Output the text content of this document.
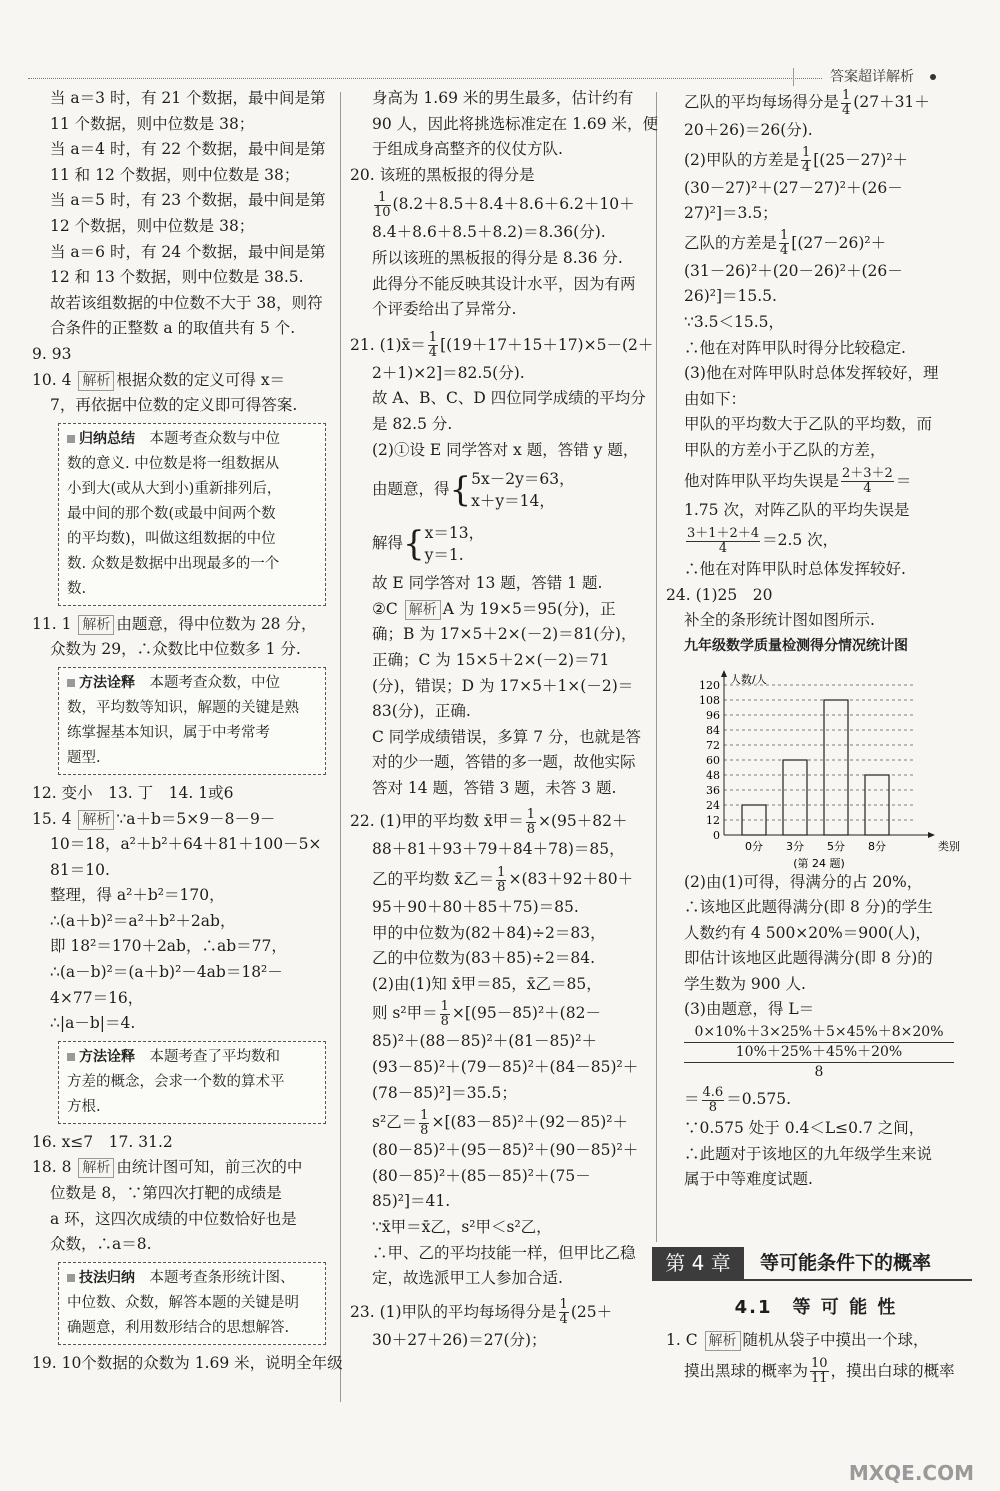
答案超详解析
当 a＝3 时，有 21 个数据，最中间是第
11 个数据，则中位数是 38；
当 a＝4 时，有 22 个数据，最中间是第
11 和 12 个数据，则中位数是 38；
当 a＝5 时，有 23 个数据，最中间是第
12 个数据，则中位数是 38；
当 a＝6 时，有 24 个数据，最中间是第
12 和 13 个数据，则中位数是 38.5.
故若该组数据的中位数不大于 38，则符
合条件的正整数 a 的取值共有 5 个.
9. 93
10. 4 解析 根据众数的定义可得 x＝
7，再依据中位数的定义即可得答案.
归纳总结　 本题考查众数与中位
数的意义. 中位数是将一组数据从
小到大(或从大到小)重新排列后，
最中间的那个数(或最中间两个数
的平均数)，叫做这组数据的中位
数. 众数是数据中出现最多的一个
数.
11. 1 解析 由题意，得中位数为 28 分，
众数为 29，∴众数比中位数多 1 分.
方法诠释　 本题考查众数，中位
数，平均数等知识，解题的关键是熟
练掌握基本知识，属于中考常考
题型.
12. 变小　13. 丁　14. 1或6
15. 4 解析 ∵a＋b＝5×9－8－9－
10＝18，a²＋b²＋64＋81＋100－5×
81＝10.
整理，得 a²＋b²＝170，
∴(a＋b)²＝a²＋b²＋2ab，
即 18²＝170＋2ab，∴ab＝77，
∴(a－b)²＝(a＋b)²－4ab＝18²－
4×77＝16，
∴|a－b|＝4.
方法诠释　 本题考查了平均数和
方差的概念，会求一个数的算术平
方根.
16. x≤7　17. 31.2
18. 8 解析 由统计图可知，前三次的中
位数是 8，∵第四次打靶的成绩是
a 环，这四次成绩的中位数恰好也是
众数，∴a＝8.
技法归纳　 本题考查条形统计图、
中位数、众数，解答本题的关键是明
确题意，利用数形结合的思想解答.
19. 10个数据的众数为 1.69 米，说明全年级
身高为 1.69 米的男生最多，估计约有
90 人，因此将挑选标准定在 1.69 米，便
于组成身高整齐的仪仗方队.
20. 该班的黑板报的得分是
$\frac{1}{10} (8.2+8.5+8.4+8.6+6.2+10+$
8.4＋8.6＋8.5＋8.2)＝8.36(分).
所以该班的黑板报的得分是 8.36 分.
此得分不能反映其设计水平，因为有两
个评委给出了异常分.
21. (1)x̄＝ $\frac{1}{4} [(19+17+15+17)\times 5-(2+$
2＋1)×2]＝82.5(分).
故 A、B、C、D 四位同学成绩的平均分
是 82.5 分.
(2)①设 E 同学答对 x 题，答错 y 题，
由题意，得 { 5x－2y＝63，
x＋y＝14，
解得 { x＝13，
y＝1.
故 E 同学答对 13 题，答错 1 题.
②C 解析 A 为 19×5＝95(分)，正
确；B 为 17×5＋2×(－2)＝81(分)，
正确；C 为 15×5＋2×(－2)＝71
(分)，错误；D 为 17×5＋1×(－2)＝
83(分)，正确.
C 同学成绩错误，多算 7 分，也就是答
对的少一题，答错的多一题，故他实际
答对 14 题，答错 3 题，未答 3 题.
22. (1)甲的平均数 x̄甲＝ $\frac{1}{8} \times(95+82+$
88＋81＋93＋79＋84＋78)＝85，
乙的平均数 x̄乙＝ $\frac{1}{8} \times(83+92+80+$
95＋90＋80＋85＋75)＝85.
甲的中位数为(82＋84)÷2＝83，
乙的中位数为(83＋85)÷2＝84.
(2)由(1)知 x̄甲＝85，x̄乙＝85，
则 s²甲＝ $\frac{1}{8} \times[(95-85)^2+(82-$
85)²＋(88－85)²＋(81－85)²＋
(93－85)²＋(79－85)²＋(84－85)²＋
(78－85)²]＝35.5；
s²乙＝ $\frac{1}{8} \times[(83-85)^2+(92-85)^2+$
(80－85)²＋(95－85)²＋(90－85)²＋
(80－85)²＋(85－85)²＋(75－
85)²]＝41.
∵x̄甲＝x̄乙，s²甲＜s²乙，
∴甲、乙的平均技能一样，但甲比乙稳
定，故选派甲工人参加合适.
23. (1)甲队的平均每场得分是 $\frac{1}{4} (25+$
30＋27＋26)＝27(分)；
乙队的平均每场得分是 $\frac{1}{4} (27+31+$
20＋26)＝26(分).
(2)甲队的方差是 $\frac{1}{4} [(25-27)^2+$
(30－27)²＋(27－27)²＋(26－
27)²]＝3.5；
乙队的方差是 $\frac{1}{4} [(27-26)^2+$
(31－26)²＋(20－26)²＋(26－
26)²]＝15.5.
∵3.5＜15.5，
∴他在对阵甲队时得分比较稳定.
(3)他在对阵甲队时总体发挥较好，理
由如下：
甲队的平均数大于乙队的平均数，而
甲队的方差小于乙队的方差，
他对阵甲队平均失误是 $\frac{2+3+2}{4}$ ＝
1.75 次，对阵乙队的平均失误是
$\frac{3+1+2+4}{4} =2.5$ 次，
∴他在对阵甲队时总体发挥较好.
24. (1)25　20
补全的条形统计图如图所示.
九年级数学质量检测得分情况统计图
0
12
24
36
48
60
72
84
96
108
120 人数/人
类别
0分 3分 5分 8分
(第 24 题)
(2)由(1)可得，得满分的占 20%，
∴该地区此题得满分(即 8 分)的学生
人数约有 4 500×20%＝900(人)，
即估计该地区此题得满分(即 8 分)的
学生数为 900 人.
(3)由题意，得 L＝
0×10%＋3×25%＋5×45%＋8×20%
10%＋25%＋45%＋20%
8
＝ $\frac{4.6}{8} =0.575$.
∵0.575 处于 0.4＜L≤0.7 之间，
∴此题对于该地区的九年级学生来说
属于中等难度试题.
第 4 章	等可能条件下的概率
4.1　等 可 能 性
1. C 解析 随机从袋子中摸出一个球，
摸出黑球的概率为 $\frac{10}{11}$ ，摸出白球的概率
MXQE.COM
